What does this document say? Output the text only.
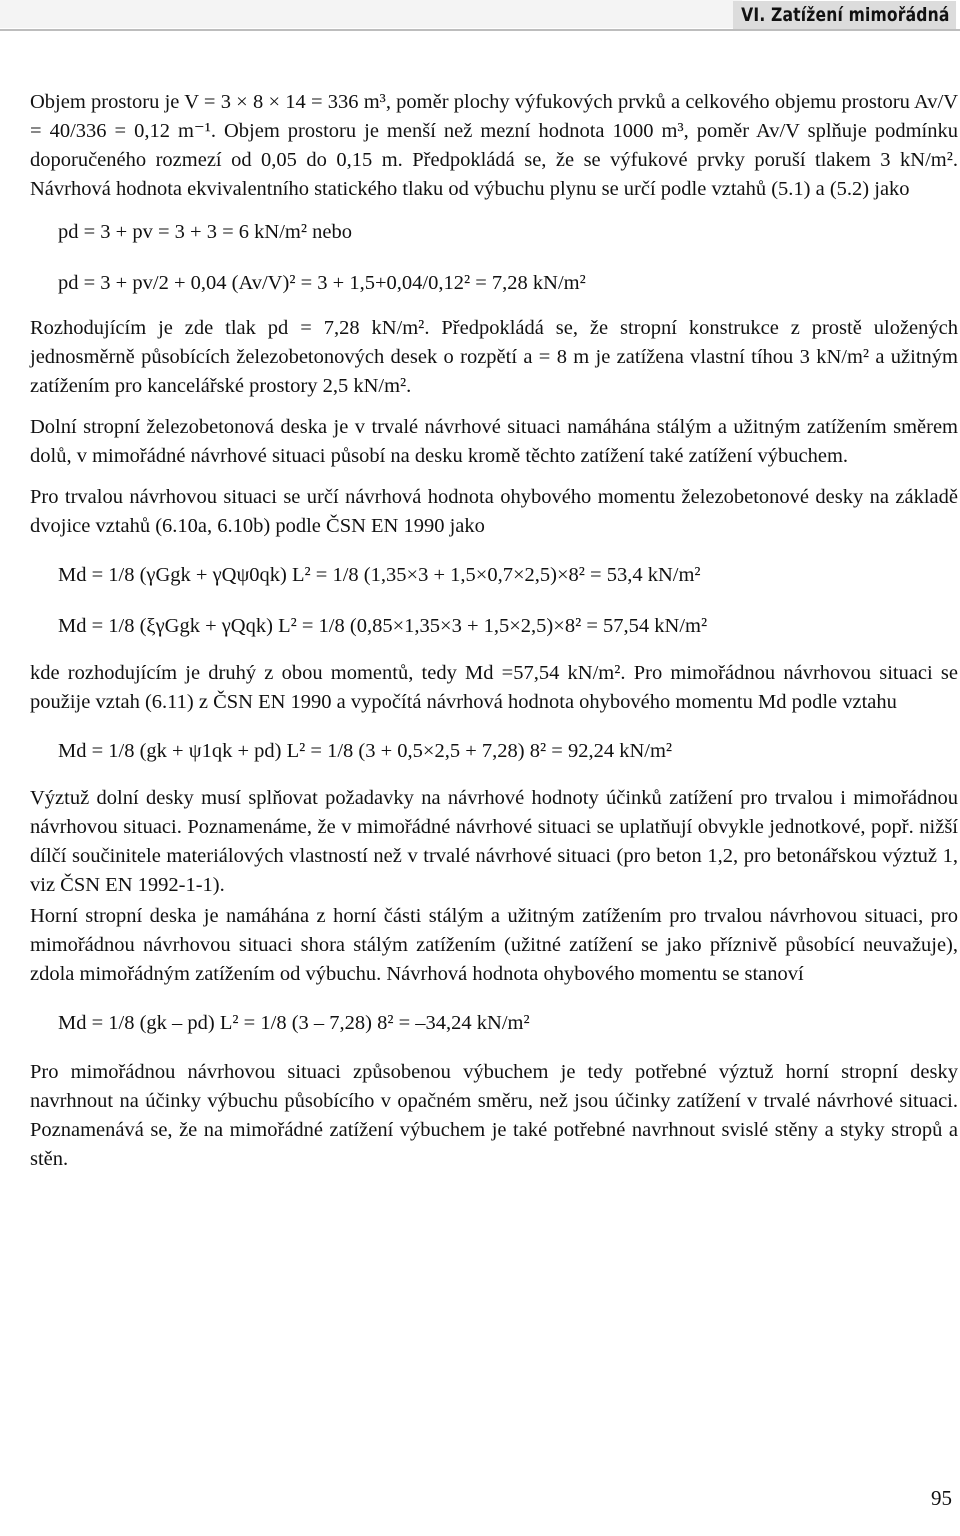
VI. Zatížení mimořádná

Objem prostoru je V = 3 × 8 × 14 = 336 m³, poměr plochy výfukových prvků a celkového objemu prostoru Av/V = 40/336 = 0,12 m⁻¹. Objem prostoru je menší než mezní hodnota 1000 m³, poměr Av/V splňuje podmínku doporučeného rozmezí od 0,05 do 0,15 m. Předpokládá se, že se výfukové prvky poruší tlakem 3 kN/m². Návrhová hodnota ekvivalentního statického tlaku od výbuchu plynu se určí podle vztahů (5.1) a (5.2) jako

pd = 3 + pv = 3 + 3 = 6 kN/m² nebo

pd = 3 + pv/2 + 0,04 (Av/V)² = 3 + 1,5+0,04/0,12² = 7,28 kN/m²

Rozhodujícím je zde tlak pd = 7,28 kN/m². Předpokládá se, že stropní konstrukce z prostě uložených jednosměrně působících železobetonových desek o rozpětí a = 8 m je zatížena vlastní tíhou 3 kN/m² a užitným zatížením pro kancelářské prostory 2,5 kN/m².

Dolní stropní železobetonová deska je v trvalé návrhové situaci namáhána stálým a užitným zatížením směrem dolů, v mimořádné návrhové situaci působí na desku kromě těchto zatížení také zatížení výbuchem.

Pro trvalou návrhovou situaci se určí návrhová hodnota ohybového momentu železobetonové desky na základě dvojice vztahů (6.10a, 6.10b) podle ČSN EN 1990 jako

Md = 1/8 (γGgk + γQψ0qk) L² = 1/8 (1,35×3 + 1,5×0,7×2,5)×8² = 53,4 kN/m²

Md = 1/8 (ξγGgk + γQqk) L² = 1/8 (0,85×1,35×3 + 1,5×2,5)×8² = 57,54 kN/m²

kde rozhodujícím je druhý z obou momentů, tedy Md =57,54 kN/m². Pro mimořádnou návrhovou situaci se použije vztah (6.11) z ČSN EN 1990 a vypočítá návrhová hodnota ohybového momentu Md podle vztahu

Md = 1/8 (gk + ψ1qk + pd) L² = 1/8 (3 + 0,5×2,5 + 7,28) 8² = 92,24 kN/m²

Výztuž dolní desky musí splňovat požadavky na návrhové hodnoty účinků zatížení pro trvalou i mimořádnou návrhovou situaci. Poznamenáme, že v mimořádné návrhové situaci se uplatňují obvykle jednotkové, popř. nižší dílčí součinitele materiálových vlastností než v trvalé návrhové situaci (pro beton 1,2, pro betonářskou výztuž 1, viz ČSN EN 1992-1-1).

Horní stropní deska je namáhána z horní části stálým a užitným zatížením pro trvalou návrhovou situaci, pro mimořádnou návrhovou situaci shora stálým zatížením (užitné zatížení se jako příznivě působící neuvažuje), zdola mimořádným zatížením od výbuchu. Návrhová hodnota ohybového momentu se stanoví

Md = 1/8 (gk – pd) L² = 1/8 (3 – 7,28) 8² = –34,24 kN/m²

Pro mimořádnou návrhovou situaci způsobenou výbuchem je tedy potřebné výztuž horní stropní desky navrhnout na účinky výbuchu působícího v opačném směru, než jsou účinky zatížení v trvalé návrhové situaci. Poznamenává se, že na mimořádné zatížení výbuchem je také potřebné navrhnout svislé stěny a styky stropů a stěn.

95
